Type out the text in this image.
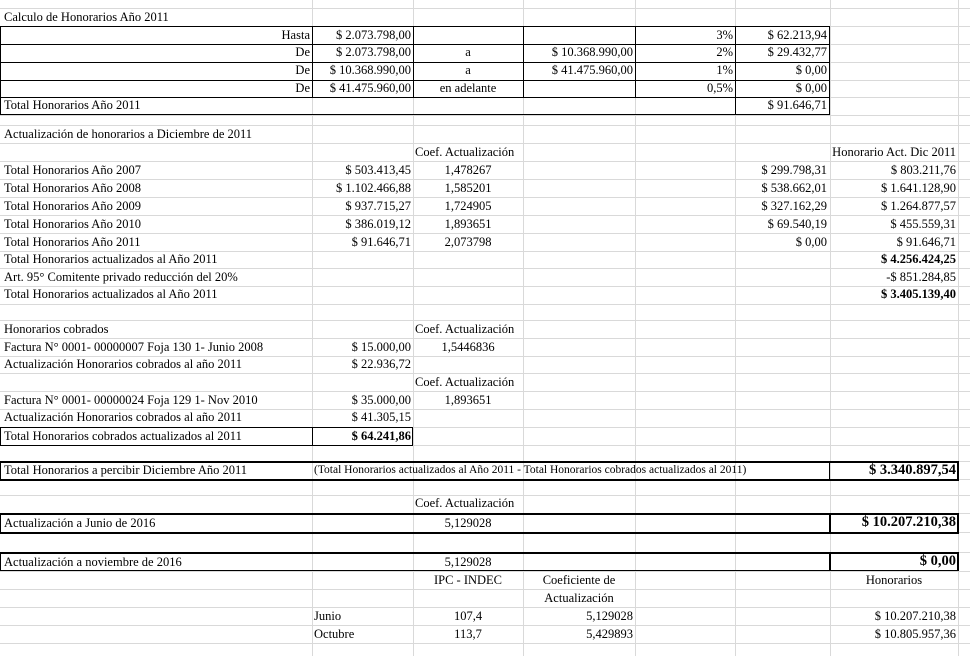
Calculo de Honorarios Año 2011
Hasta	$ 2.073.798,00	3%	$ 62.213,94
De	$ 2.073.798,00	a	$ 10.368.990,00	2%	$ 29.432,77
De	$ 10.368.990,00	a	$ 41.475.960,00	1%	$ 0,00
De	$ 41.475.960,00	en adelante	0,5%	$ 0,00
Total Honorarios Año 2011	$ 91.646,71
Actualización de honorarios a Diciembre de 2011
Coef. Actualización	Honorario Act. Dic 2011
Total Honorarios Año 2007	$ 503.413,45	1,478267	$ 299.798,31	$ 803.211,76
Total Honorarios Año 2008	$ 1.102.466,88	1,585201	$ 538.662,01	$ 1.641.128,90
Total Honorarios Año 2009	$ 937.715,27	1,724905	$ 327.162,29	$ 1.264.877,57
Total Honorarios Año 2010	$ 386.019,12	1,893651	$ 69.540,19	$ 455.559,31
Total Honorarios Año 2011	$ 91.646,71	2,073798	$ 0,00	$ 91.646,71
Total Honorarios actualizados al Año 2011	$ 4.256.424,25
Art. 95° Comitente privado reducción del 20%	-$ 851.284,85
Total Honorarios actualizados al Año 2011	$ 3.405.139,40
Honorarios cobrados	Coef. Actualización
Factura N° 0001- 00000007 Foja 130 1- Junio 2008	$ 15.000,00	1,5446836
Actualización Honorarios cobrados al año 2011	$ 22.936,72
Coef. Actualización
Factura N° 0001- 00000024 Foja 129 1- Nov 2010	$ 35.000,00	1,893651
Actualización Honorarios cobrados al año 2011	$ 41.305,15
Total Honorarios cobrados actualizados al 2011	$ 64.241,86
Total Honorarios a percibir Diciembre Año 2011	(Total Honorarios actualizados al Año 2011 - Total Honorarios cobrados actualizados al 2011)	$ 3.340.897,54
Coef. Actualización
Actualización a Junio de 2016	5,129028	$ 10.207.210,38
Actualización a noviembre de 2016	5,129028	$ 0,00
IPC - INDEC	Coeficiente de
Actualización
Honorarios
Junio	107,4	5,129028	$ 10.207.210,38
Octubre	113,7	5,429893	$ 10.805.957,36
